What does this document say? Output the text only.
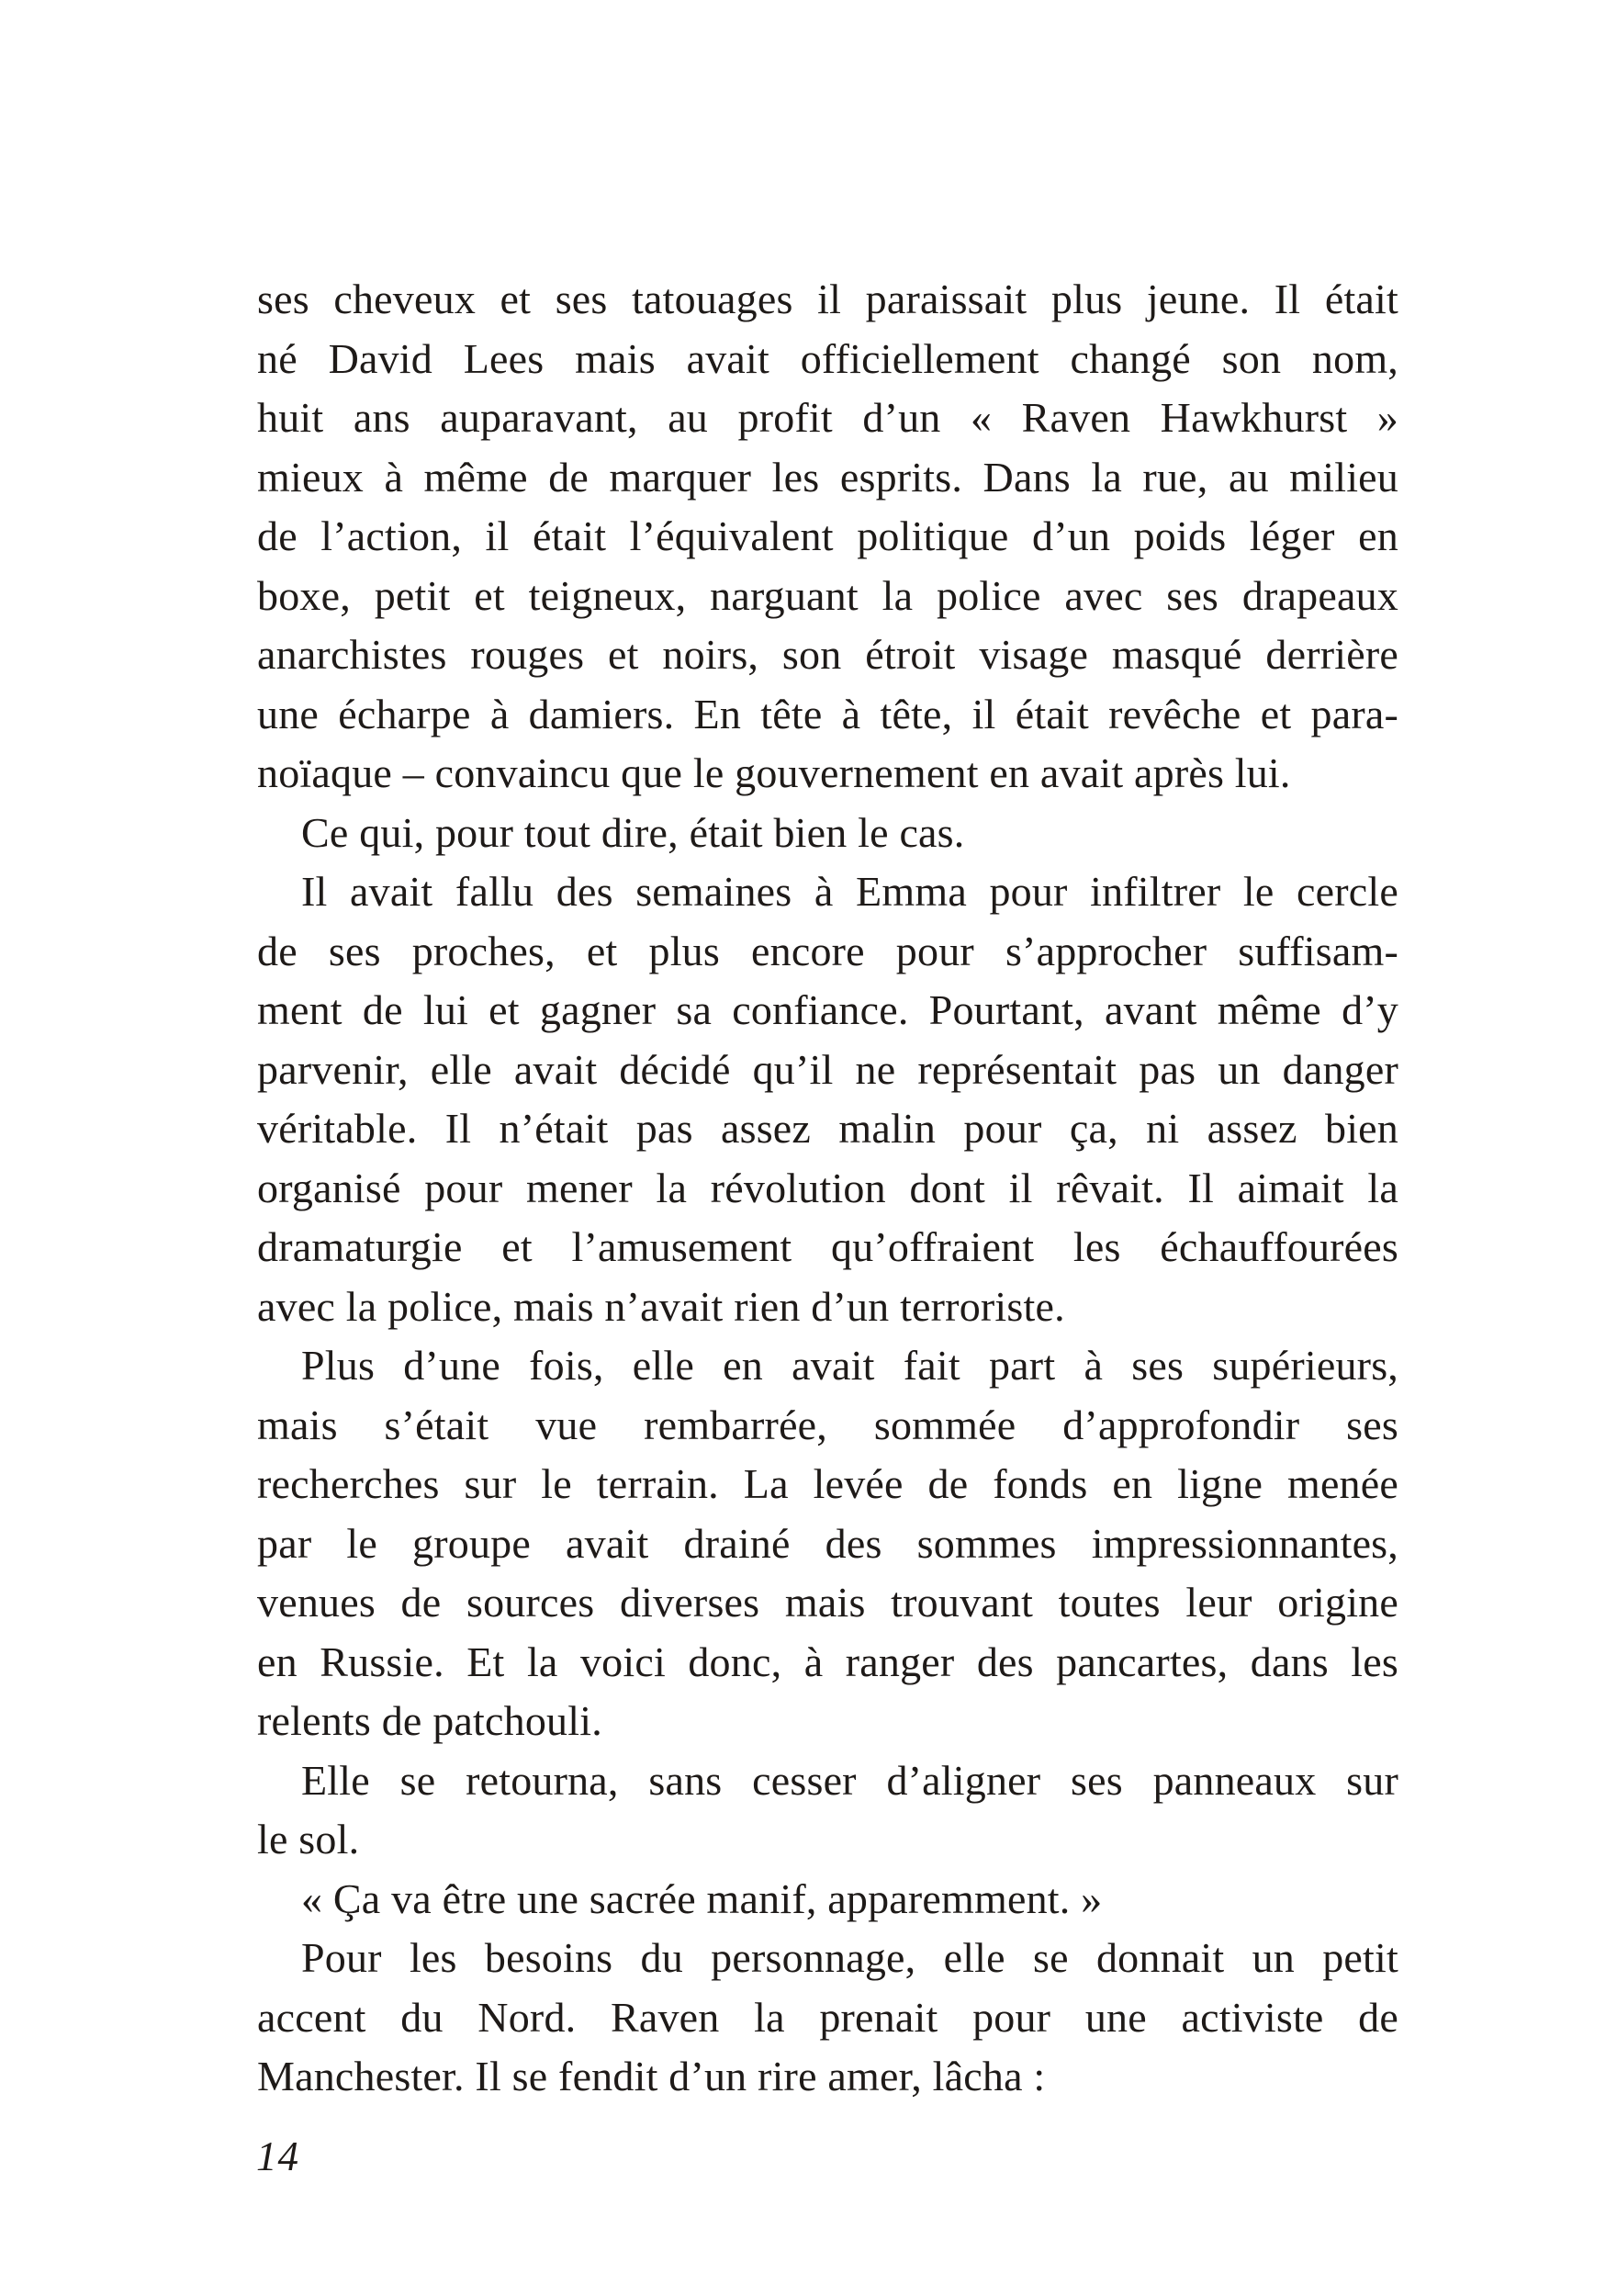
ses cheveux et ses tatouages il paraissait plus jeune. Il était
né David Lees mais avait officiellement changé son nom,
huit ans auparavant, au profit d’un « Raven Hawkhurst »
mieux à même de marquer les esprits. Dans la rue, au milieu
de l’action, il était l’équivalent politique d’un poids léger en
boxe, petit et teigneux, narguant la police avec ses drapeaux
anarchistes rouges et noirs, son étroit visage masqué derrière
une écharpe à damiers. En tête à tête, il était revêche et para-
noïaque – convaincu que le gouvernement en avait après lui.
Ce qui, pour tout dire, était bien le cas.
Il avait fallu des semaines à Emma pour infiltrer le cercle
de ses proches, et plus encore pour s’approcher suffisam-
ment de lui et gagner sa confiance. Pourtant, avant même d’y
parvenir, elle avait décidé qu’il ne représentait pas un danger
véritable. Il n’était pas assez malin pour ça, ni assez bien
organisé pour mener la révolution dont il rêvait. Il aimait la
dramaturgie et l’amusement qu’offraient les échauffourées
avec la police, mais n’avait rien d’un terroriste.
Plus d’une fois, elle en avait fait part à ses supérieurs,
mais s’était vue rembarrée, sommée d’approfondir ses
recherches sur le terrain. La levée de fonds en ligne menée
par le groupe avait drainé des sommes impressionnantes,
venues de sources diverses mais trouvant toutes leur origine
en Russie. Et la voici donc, à ranger des pancartes, dans les
relents de patchouli.
Elle se retourna, sans cesser d’aligner ses panneaux sur
le sol.
« Ça va être une sacrée manif, apparemment. »
Pour les besoins du personnage, elle se donnait un petit
accent du Nord. Raven la prenait pour une activiste de
Manchester. Il se fendit d’un rire amer, lâcha :
14
